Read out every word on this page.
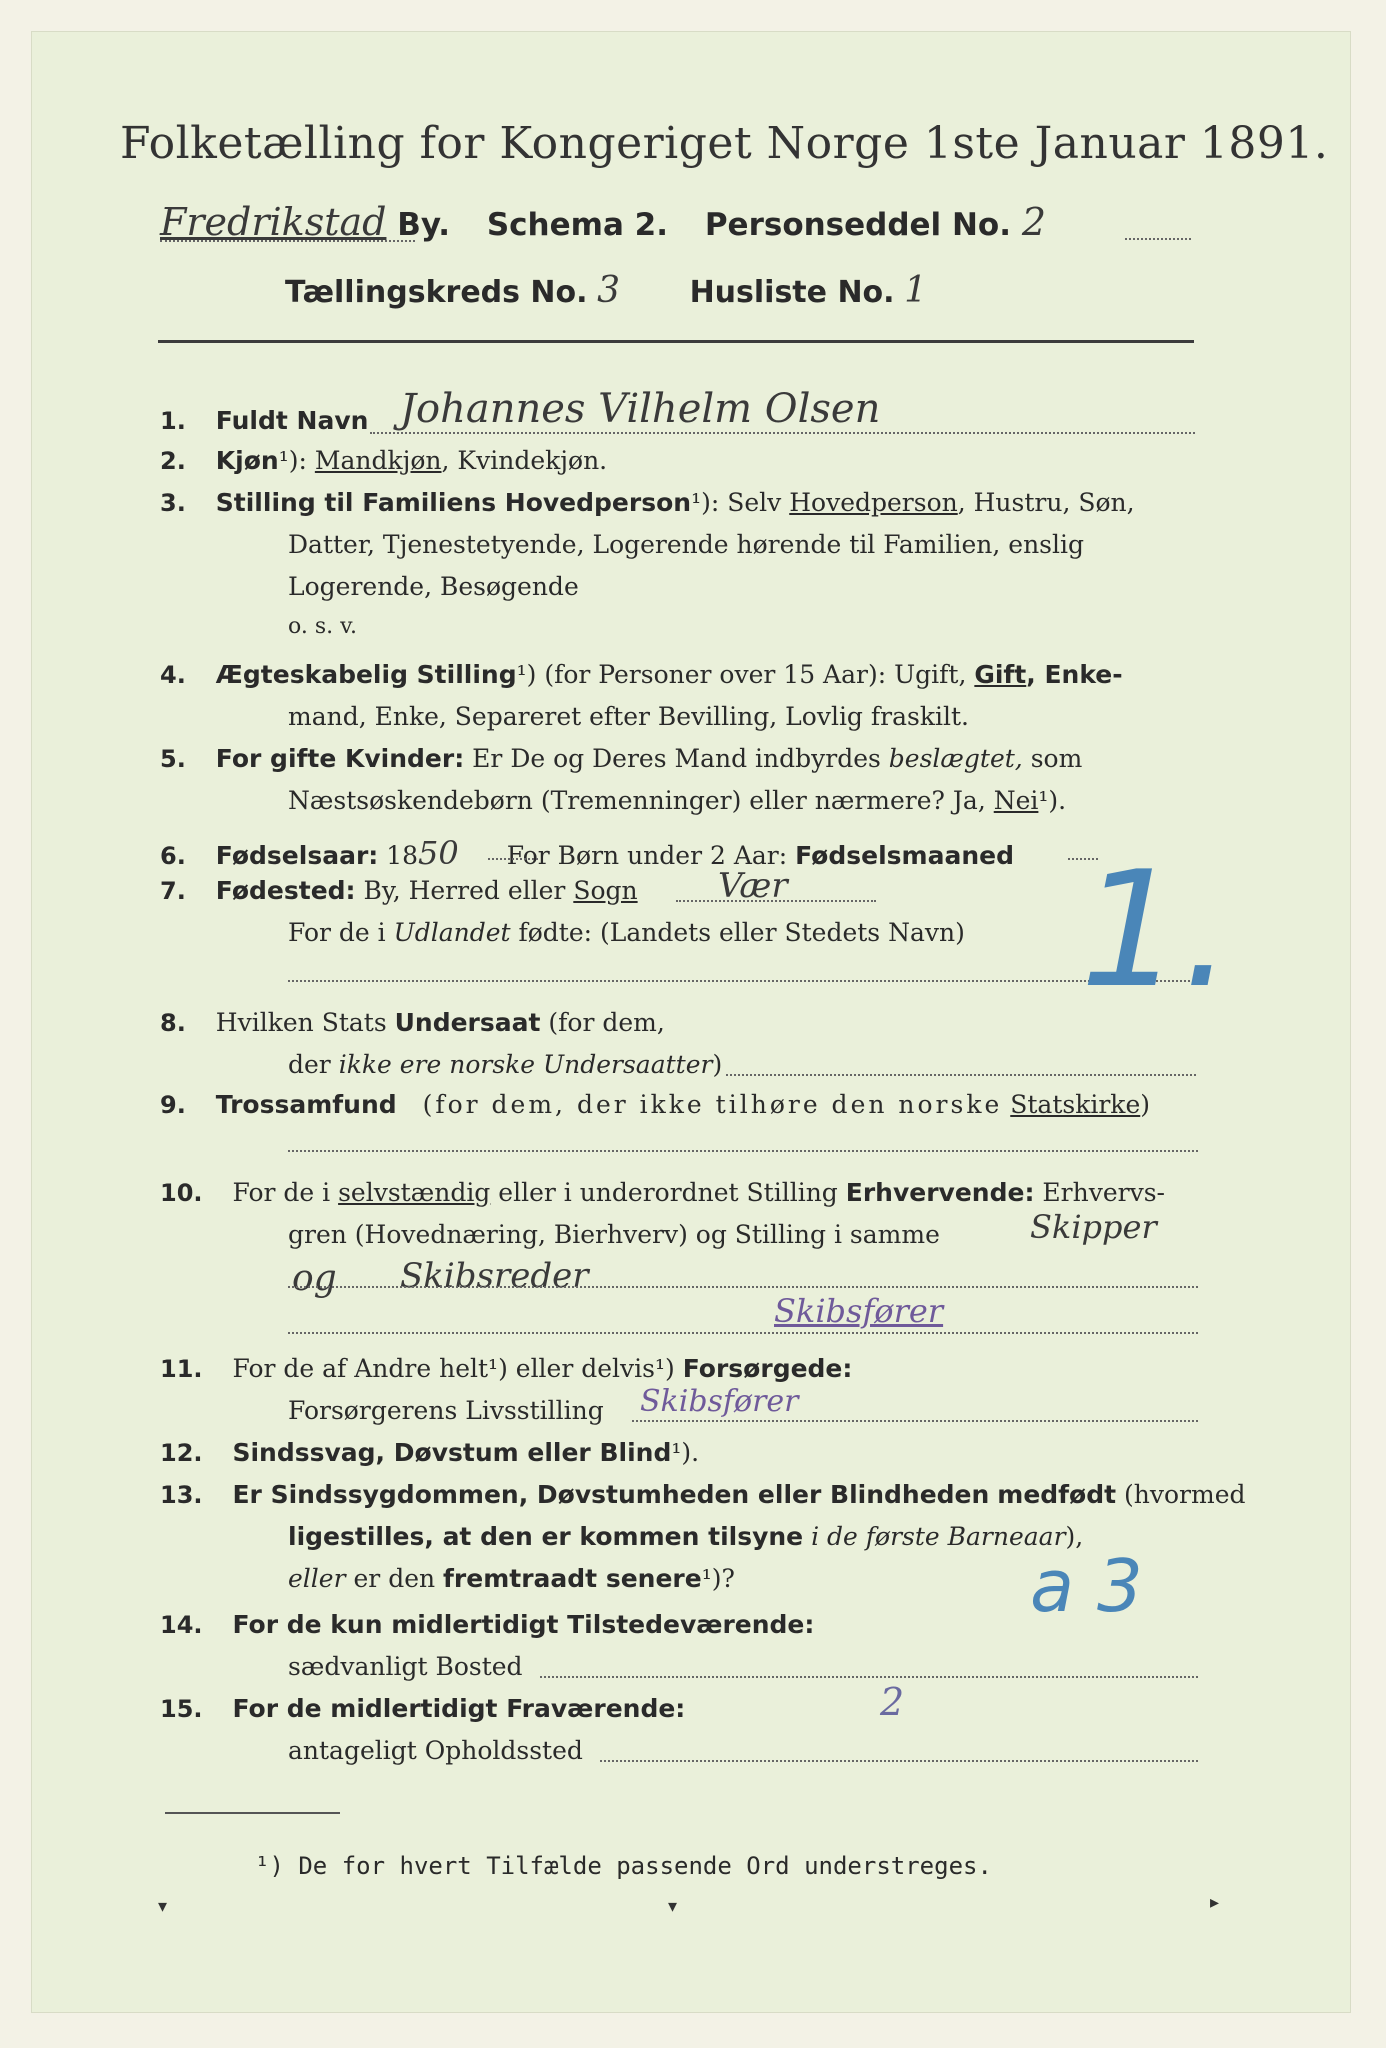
Folketælling for Kongeriget Norge 1ste Januar 1891.
Fredrikstad By. Schema 2. Personseddel No. 2
Tællingskreds No. 3 Husliste No. 1
1. Fuldt Navn Johannes Vilhelm Olsen
2. Kjøn¹): Mandkjøn, Kvindekjøn.
3. Stilling til Familiens Hovedperson¹): Selv Hovedperson, Hustru, Søn,
Datter, Tjenestetyende, Logerende hørende til Familien, enslig
Logerende, Besøgende
o. s. v.
4. Ægteskabelig Stilling¹) (for Personer over 15 Aar): Ugift, Gift, Enke-
mand, Enke, Separeret efter Bevilling, Lovlig fraskilt.
5. For gifte Kvinder: Er De og Deres Mand indbyrdes beslægtet, som
Næstsøskendebørn (Tremenninger) eller nærmere? Ja, Nei¹).
6. Fødselsaar: 1850 For Børn under 2 Aar: Fødselsmaaned
7. Fødested: By, Herred eller Sogn Vær
For de i Udlandet fødte: (Landets eller Stedets Navn) 1.
8. Hvilken Stats Undersaat (for dem,
der ikke ere norske Undersaatter)
9. Trossamfund (for dem, der ikke tilhøre den norske Statskirke)
10. For de i selvstændig eller i underordnet Stilling Erhvervende: Erhvervs-
gren (Hovednæring, Bierhverv) og Stilling i samme	Skipper
og Skibsreder
Skibsfører
11. For de af Andre helt¹) eller delvis¹) Forsørgede:
Forsørgerens Livsstilling Skibsfører
12. Sindssvag, Døvstum eller Blind¹).
13. Er Sindssygdommen, Døvstumheden eller Blindheden medfødt (hvormed
ligestilles, at den er kommen tilsyne i de første Barneaar),
eller er den fremtraadt senere¹)?	a 3
14. For de kun midlertidigt Tilstedeværende:
sædvanligt Bosted
15. For de midlertidigt Fraværende:	2
antageligt Opholdssted
¹) De for hvert Tilfælde passende Ord understreges.
▾	▾	▸
